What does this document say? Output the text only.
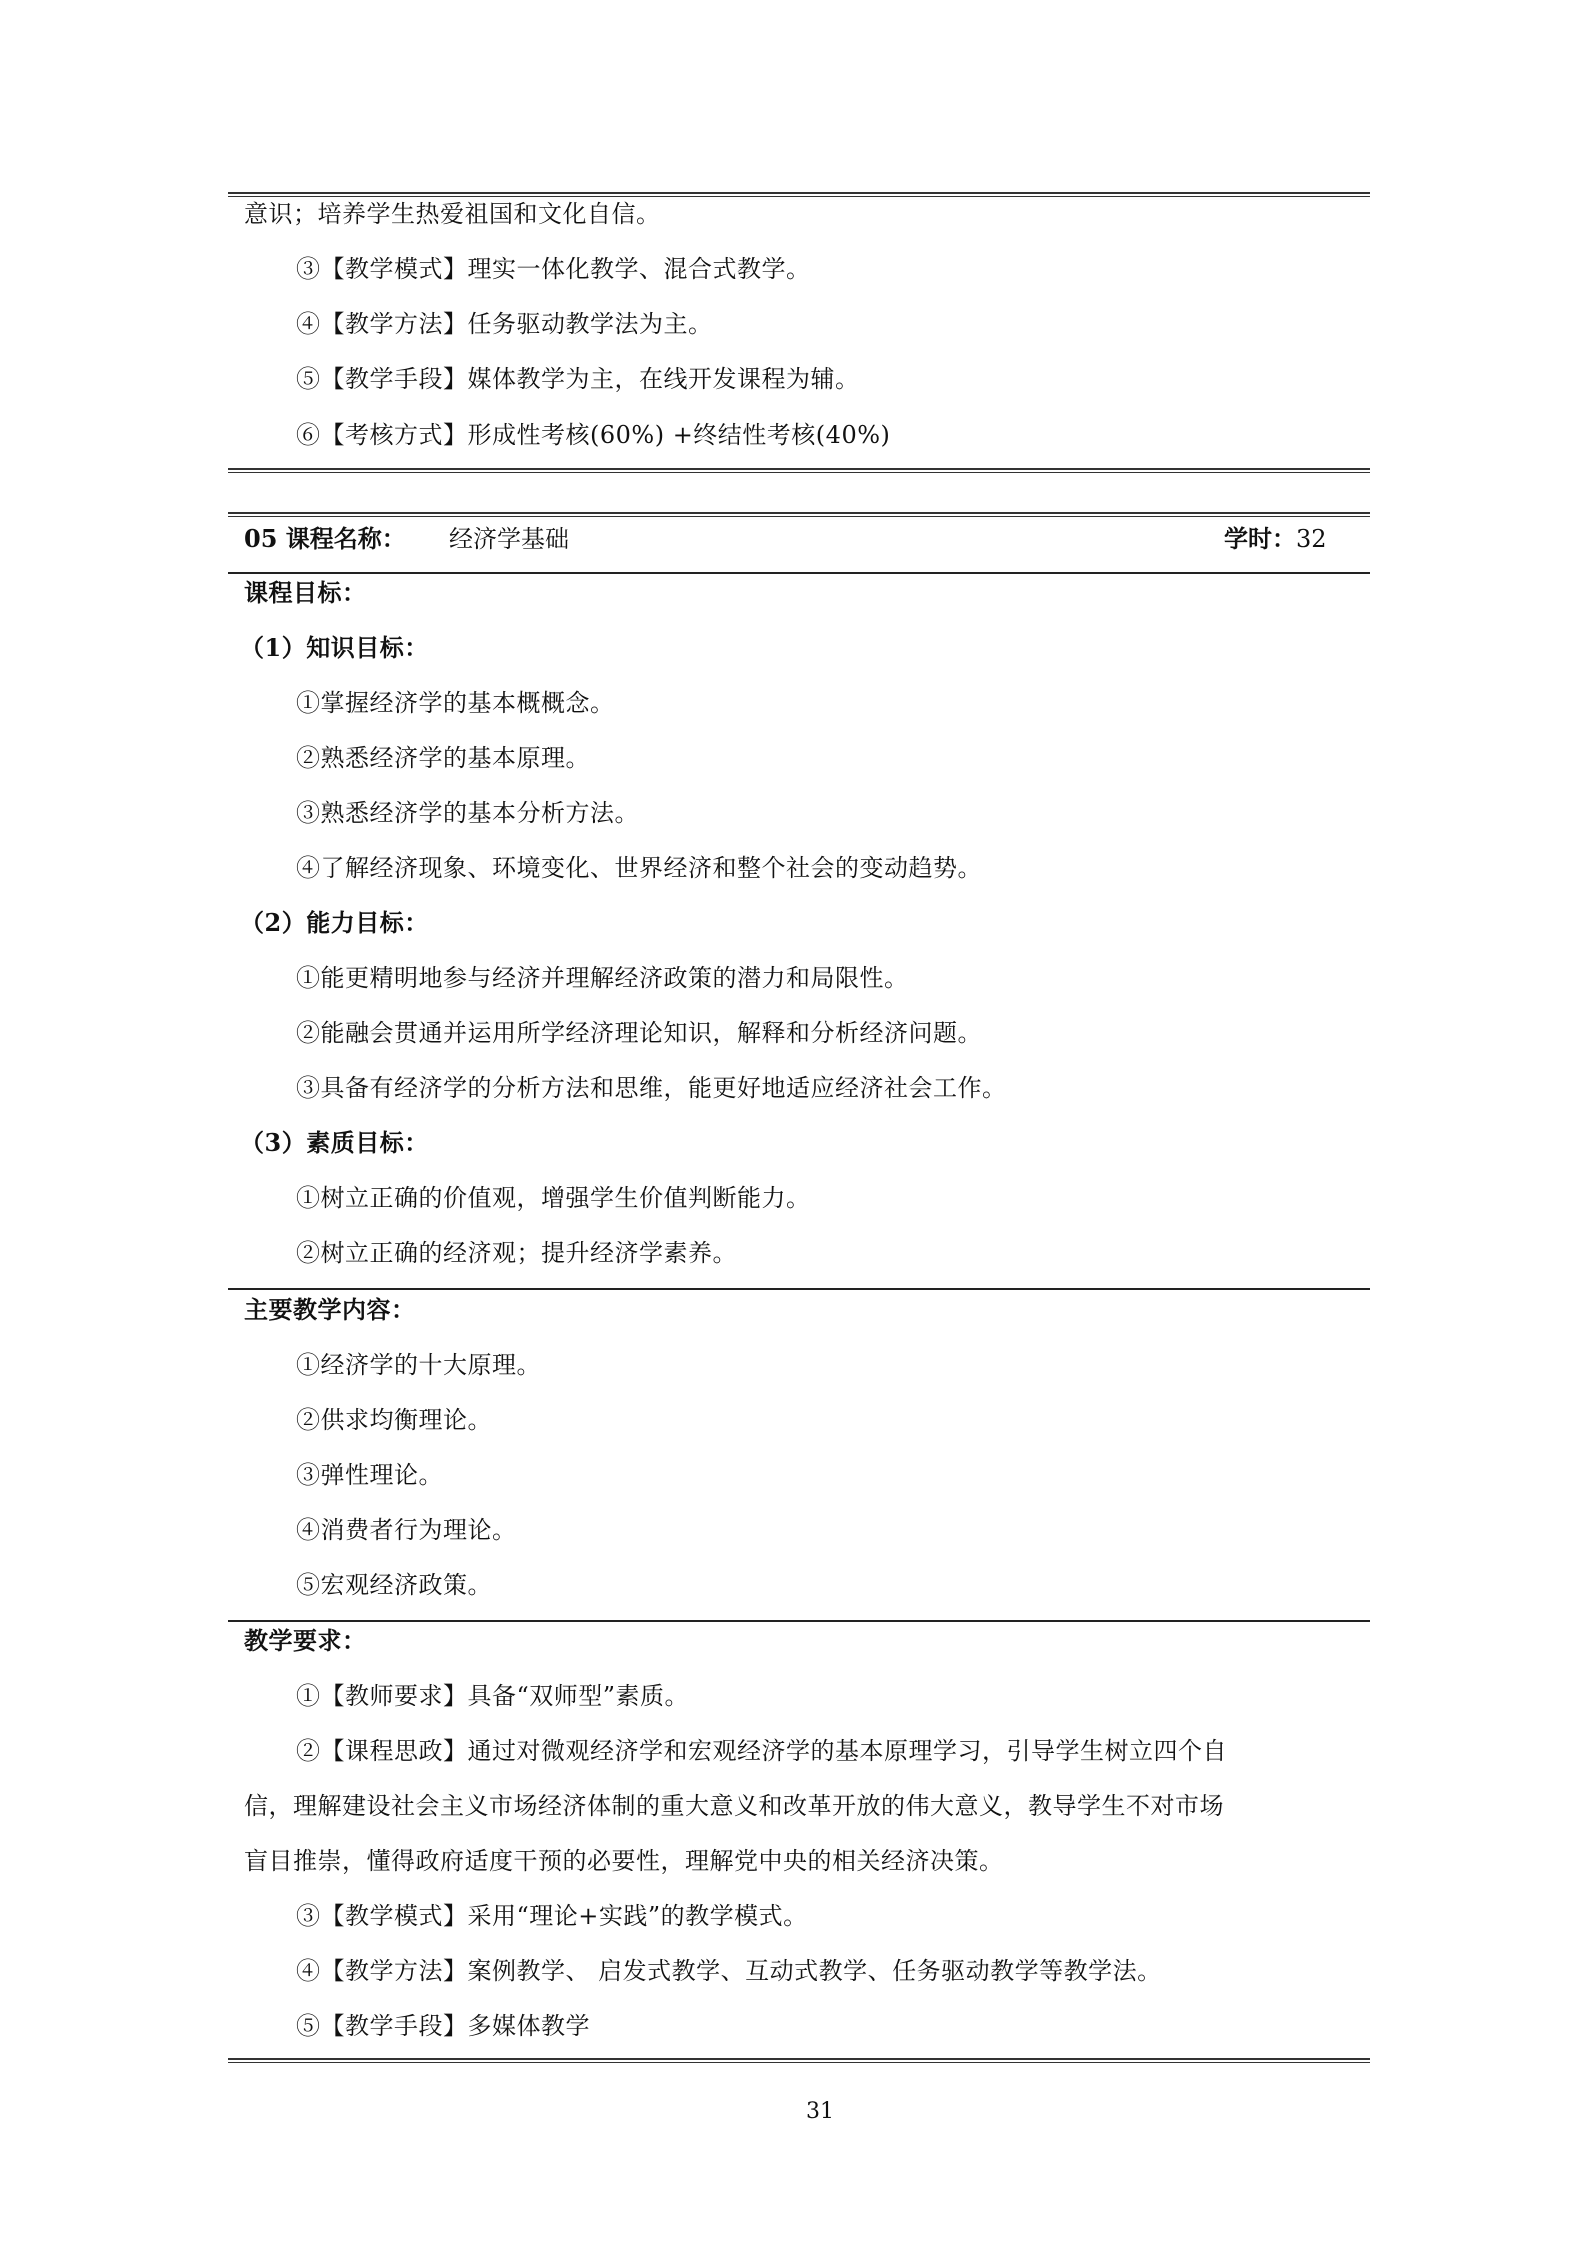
意识；培养学生热爱祖国和文化自信。
③【教学模式】理实一体化教学、混合式教学。
④【教学方法】任务驱动教学法为主。
⑤【教学手段】媒体教学为主，在线开发课程为辅。
⑥【考核方式】形成性考核(60%) +终结性考核(40%)
05 课程名称： 经济学基础	学时：32
课程目标：
（1）知识目标：
①掌握经济学的基本概概念。
②熟悉经济学的基本原理。
③熟悉经济学的基本分析方法。
④了解经济现象、环境变化、世界经济和整个社会的变动趋势。
（2）能力目标：
①能更精明地参与经济并理解经济政策的潜力和局限性。
②能融会贯通并运用所学经济理论知识，解释和分析经济问题。
③具备有经济学的分析方法和思维，能更好地适应经济社会工作。
（3）素质目标：
①树立正确的价值观，增强学生价值判断能力。
②树立正确的经济观；提升经济学素养。
主要教学内容：
①经济学的十大原理。
②供求均衡理论。
③弹性理论。
④消费者行为理论。
⑤宏观经济政策。
教学要求：
①【教师要求】具备“双师型”素质。
②【课程思政】通过对微观经济学和宏观经济学的基本原理学习，引导学生树立四个自
信，理解建设社会主义市场经济体制的重大意义和改革开放的伟大意义，教导学生不对市场
盲目推崇，懂得政府适度干预的必要性，理解党中央的相关经济决策。
③【教学模式】采用“理论+实践”的教学模式。
④【教学方法】案例教学、 启发式教学、互动式教学、任务驱动教学等教学法。
⑤【教学手段】多媒体教学
31
